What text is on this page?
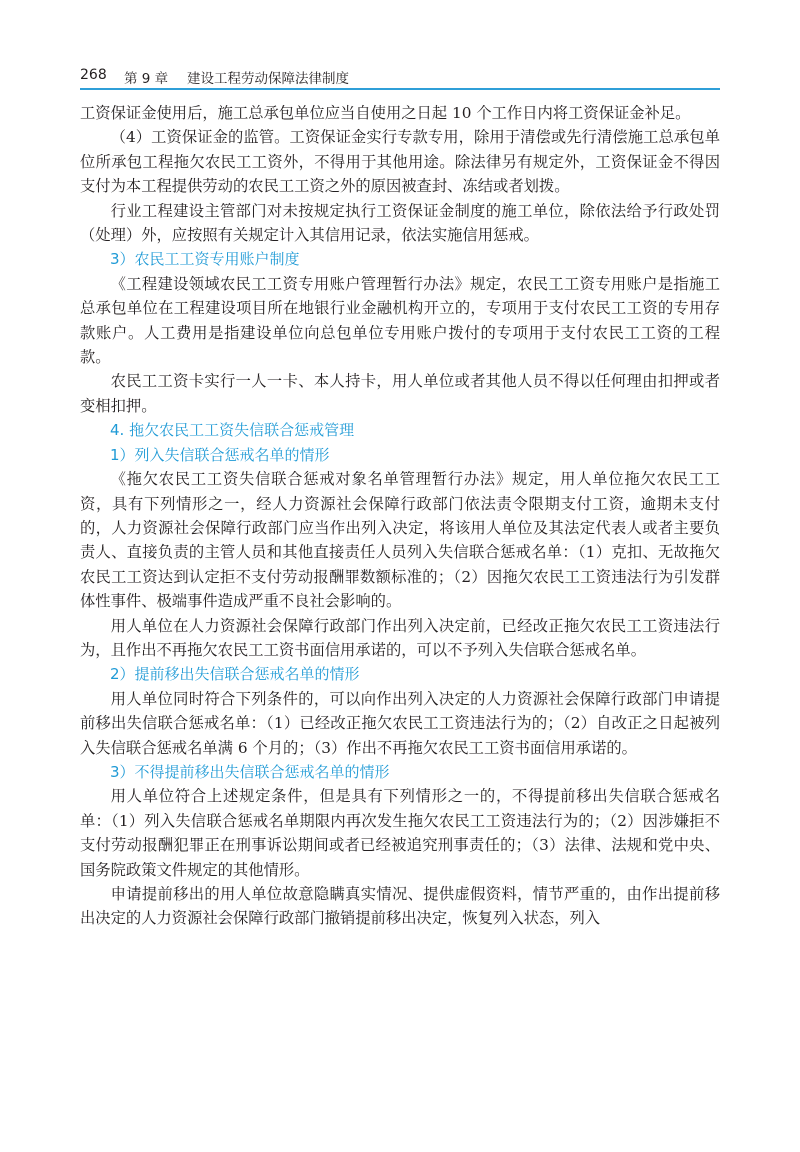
268 第 9 章 建设工程劳动保障法律制度

工资保证金使用后，施工总承包单位应当自使用之日起 10 个工作日内将工资保证金补足。

（4）工资保证金的监管。工资保证金实行专款专用，除用于清偿或先行清偿施工总承包单位所承包工程拖欠农民工工资外，不得用于其他用途。除法律另有规定外，工资保证金不得因支付为本工程提供劳动的农民工工资之外的原因被查封、冻结或者划拨。

行业工程建设主管部门对未按规定执行工资保证金制度的施工单位，除依法给予行政处罚（处理）外，应按照有关规定计入其信用记录，依法实施信用惩戒。

3）农民工工资专用账户制度

《工程建设领域农民工工资专用账户管理暂行办法》规定，农民工工资专用账户是指施工总承包单位在工程建设项目所在地银行业金融机构开立的，专项用于支付农民工工资的专用存款账户。人工费用是指建设单位向总包单位专用账户拨付的专项用于支付农民工工资的工程款。

农民工工资卡实行一人一卡、本人持卡，用人单位或者其他人员不得以任何理由扣押或者变相扣押。

4. 拖欠农民工工资失信联合惩戒管理

1）列入失信联合惩戒名单的情形

《拖欠农民工工资失信联合惩戒对象名单管理暂行办法》规定，用人单位拖欠农民工工资，具有下列情形之一，经人力资源社会保障行政部门依法责令限期支付工资，逾期未支付的，人力资源社会保障行政部门应当作出列入决定，将该用人单位及其法定代表人或者主要负责人、直接负责的主管人员和其他直接责任人员列入失信联合惩戒名单：（1）克扣、无故拖欠农民工工资达到认定拒不支付劳动报酬罪数额标准的；（2）因拖欠农民工工资违法行为引发群体性事件、极端事件造成严重不良社会影响的。

用人单位在人力资源社会保障行政部门作出列入决定前，已经改正拖欠农民工工资违法行为，且作出不再拖欠农民工工资书面信用承诺的，可以不予列入失信联合惩戒名单。

2）提前移出失信联合惩戒名单的情形

用人单位同时符合下列条件的，可以向作出列入决定的人力资源社会保障行政部门申请提前移出失信联合惩戒名单：（1）已经改正拖欠农民工工资违法行为的；（2）自改正之日起被列入失信联合惩戒名单满 6 个月的；（3）作出不再拖欠农民工工资书面信用承诺的。

3）不得提前移出失信联合惩戒名单的情形

用人单位符合上述规定条件，但是具有下列情形之一的，不得提前移出失信联合惩戒名单：（1）列入失信联合惩戒名单期限内再次发生拖欠农民工工资违法行为的；（2）因涉嫌拒不支付劳动报酬犯罪正在刑事诉讼期间或者已经被追究刑事责任的；（3）法律、法规和党中央、国务院政策文件规定的其他情形。

申请提前移出的用人单位故意隐瞒真实情况、提供虚假资料，情节严重的，由作出提前移出决定的人力资源社会保障行政部门撤销提前移出决定，恢复列入状态，列入
